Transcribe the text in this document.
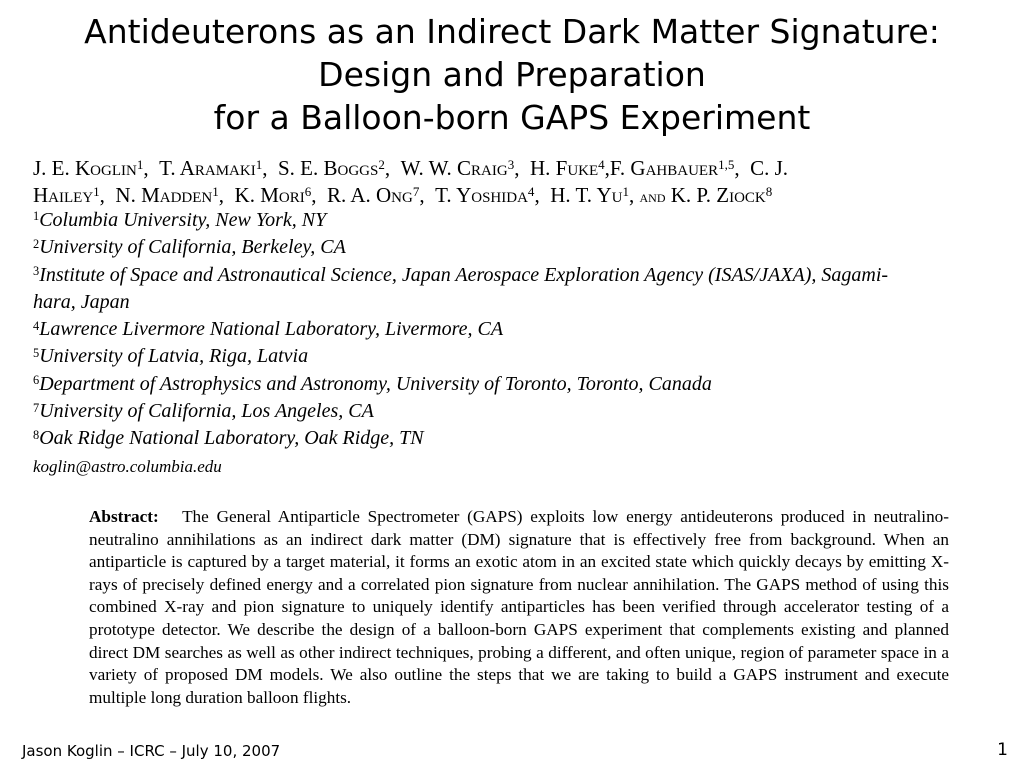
Antideuterons as an Indirect Dark Matter Signature:
Design and Preparation
for a Balloon-born GAPS Experiment
J. E. Koglin$^1$,  T. Aramaki$^1$,  S. E. Boggs$^2$,  W. W. Craig$^3$,  H. Fuke$^4$,F. Gahbauer$^{1,5}$,  C. J.
Hailey$^1$,  N. Madden$^1$,  K. Mori$^6$,  R. A. Ong$^7$,  T. Yoshida$^4$,  H. T. Yu$^1$, and K. P. Ziock$^8$
$^1$Columbia University, New York, NY
$^2$University of California, Berkeley, CA
$^3$Institute of Space and Astronautical Science, Japan Aerospace Exploration Agency (ISAS/JAXA), Sagami-
hara, Japan
$^4$Lawrence Livermore National Laboratory, Livermore, CA
$^5$University of Latvia, Riga, Latvia
$^6$Department of Astrophysics and Astronomy, University of Toronto, Toronto, Canada
$^7$University of California, Los Angeles, CA
$^8$Oak Ridge National Laboratory, Oak Ridge, TN
koglin@astro.columbia.edu
Abstract: The General Antiparticle Spectrometer (GAPS) exploits low energy antideuterons produced in neutralino-neutralino annihilations as an indirect dark matter (DM) signature that is effectively free from background. When an antiparticle is captured by a target material, it forms an exotic atom in an excited state which quickly decays by emitting X-rays of precisely defined energy and a correlated pion signature from nuclear annihilation. The GAPS method of using this combined X-ray and pion signature to uniquely identify antiparticles has been verified through accelerator testing of a prototype detector. We describe the design of a balloon-born GAPS experiment that complements existing and planned direct DM searches as well as other indirect techniques, probing a different, and often unique, region of parameter space in a variety of proposed DM models. We also outline the steps that we are taking to build a GAPS instrument and execute multiple long duration balloon flights.
Jason Koglin – ICRC – July 10, 2007	1
